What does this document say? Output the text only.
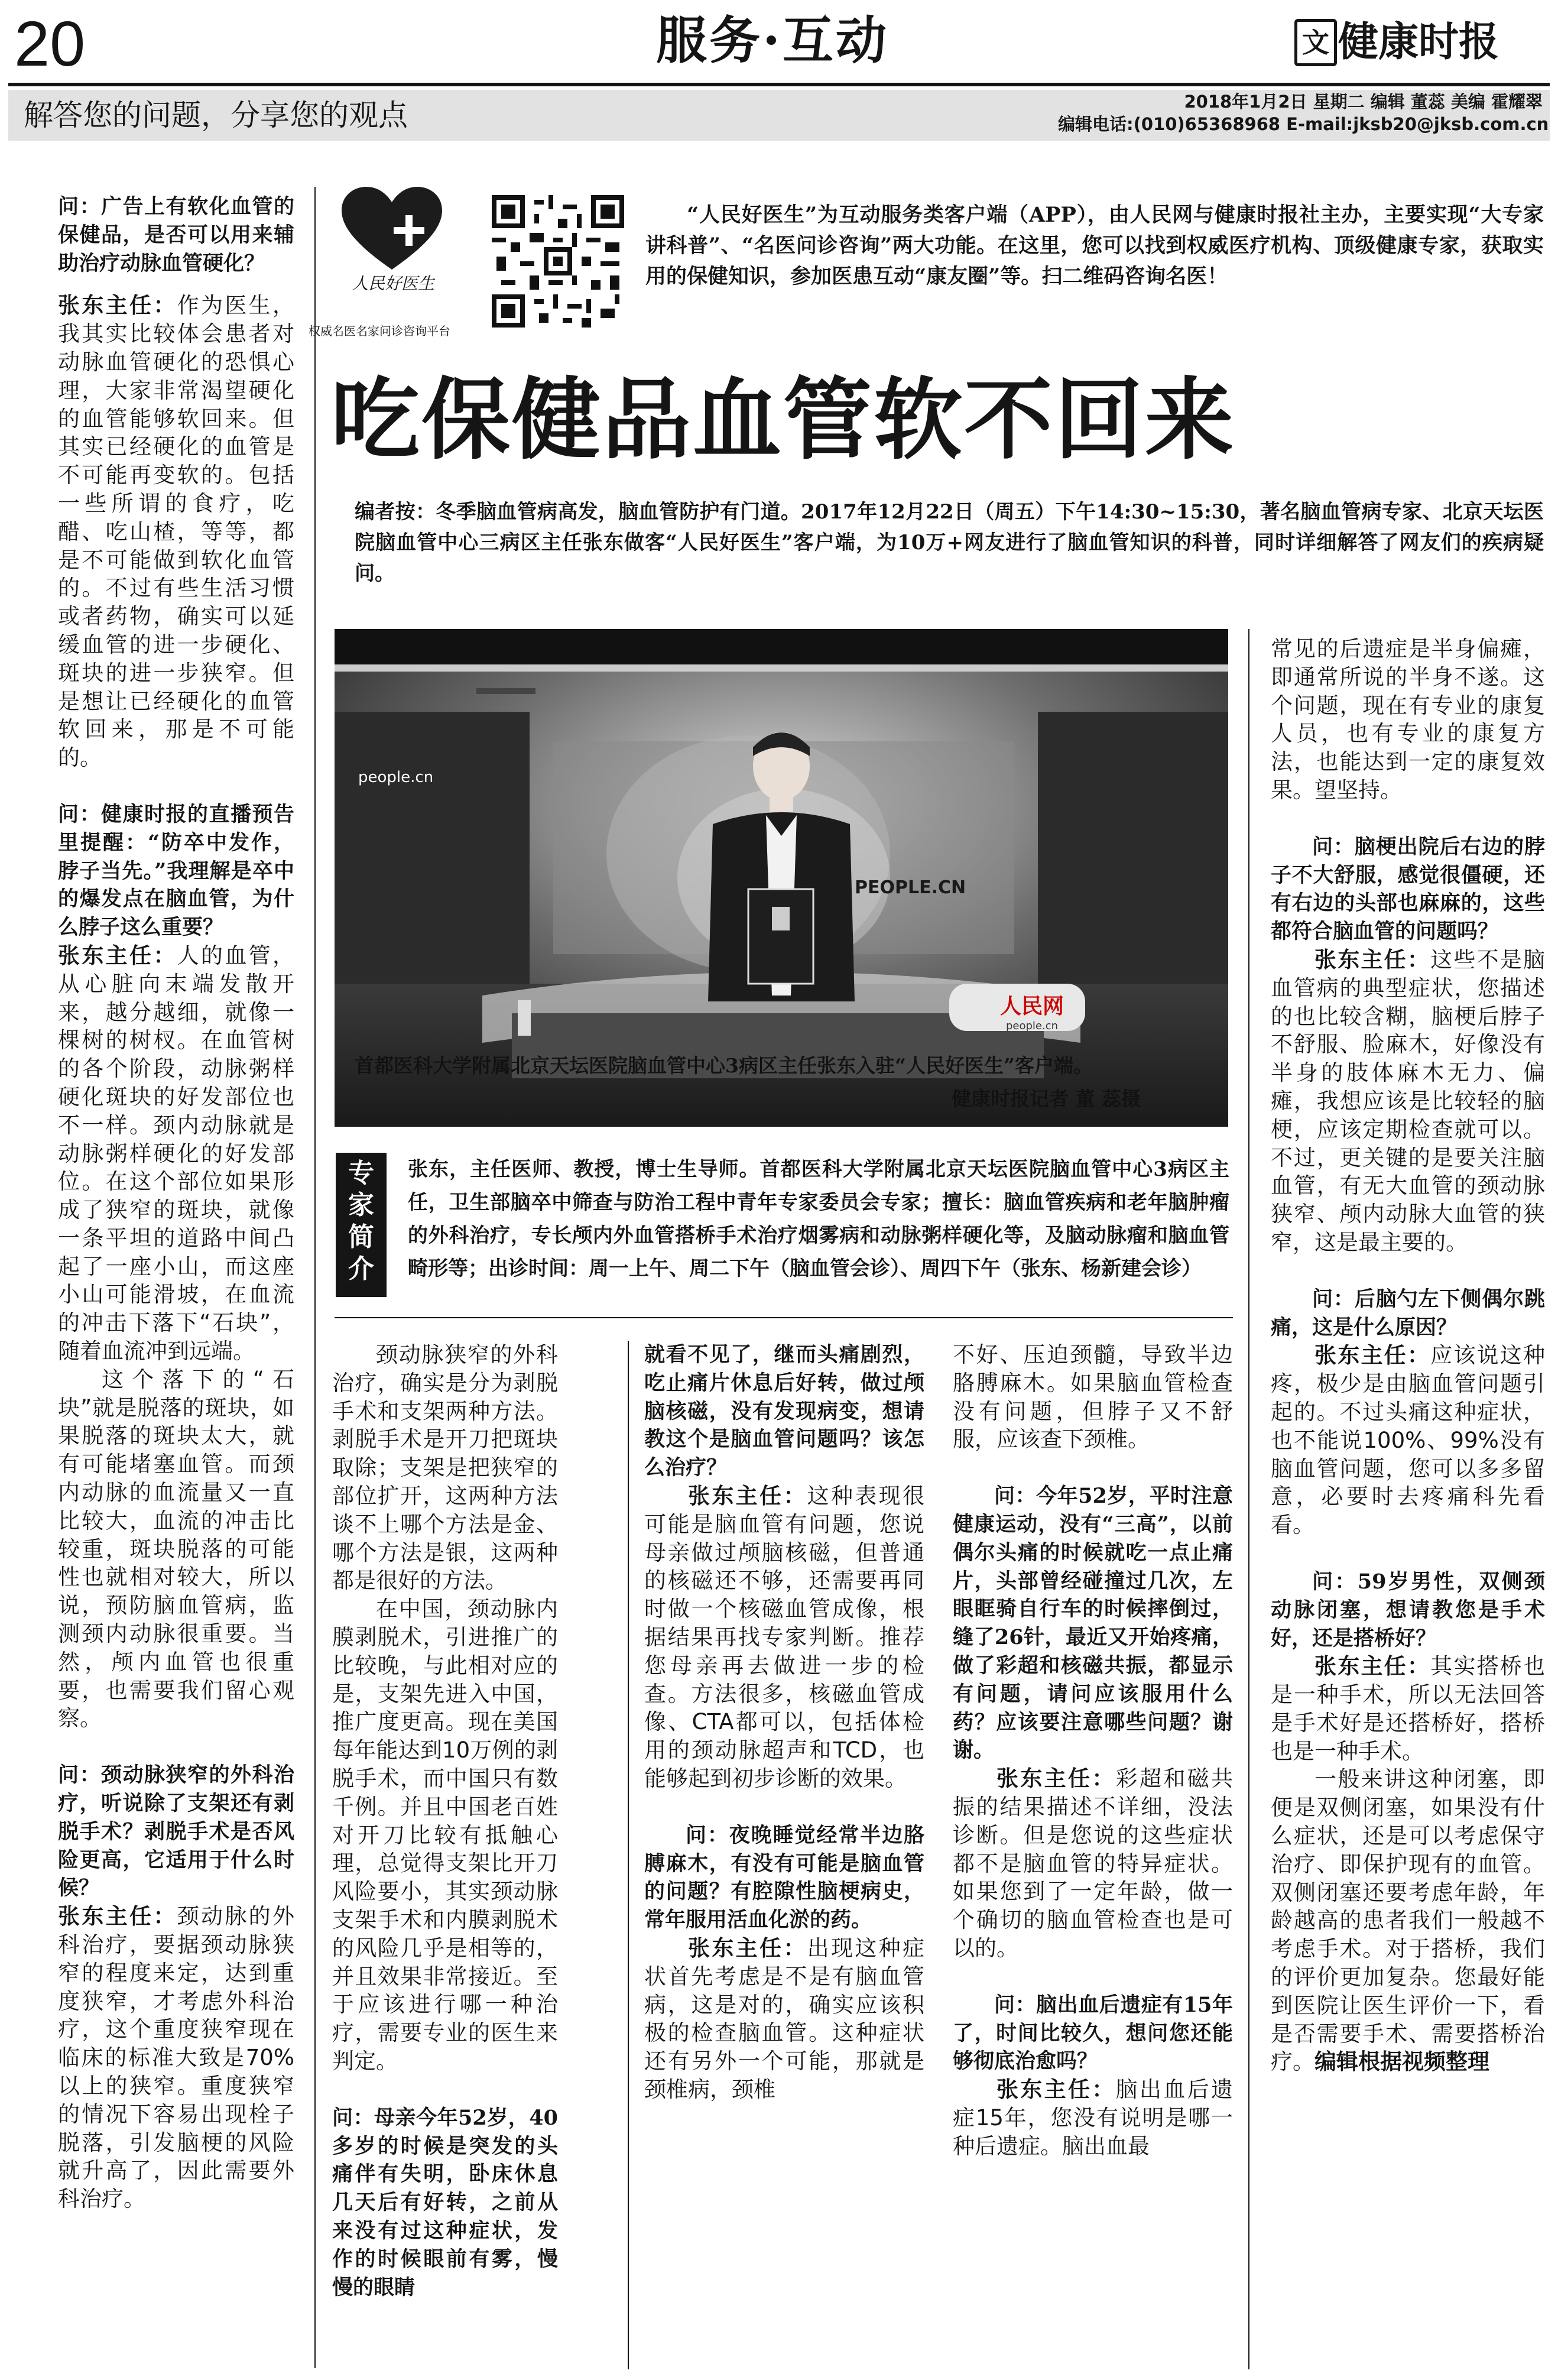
20	服务·互动	文 健康时报
解答您的问题，分享您的观点	2018年1月2日 星期二 编辑 董蕊 美编 霍耀翠
编辑电话:(010)65368968 E-mail:jksb20@jksb.com.cn

问：广告上有软化血管的保健品，是否可以用来辅助治疗动脉血管硬化？

张东主任：作为医生，我其实比较体会患者对动脉血管硬化的恐惧心理，大家非常渴望硬化的血管能够软回来。但其实已经硬化的血管是不可能再变软的。包括一些所谓的食疗，吃醋、吃山楂，等等，都是不可能做到软化血管的。不过有些生活习惯或者药物，确实可以延缓血管的进一步硬化、斑块的进一步狭窄。但是想让已经硬化的血管软回来，那是不可能的。

问：健康时报的直播预告里提醒：“防卒中发作，脖子当先。”我理解是卒中的爆发点在脑血管，为什么脖子这么重要？

张东主任：人的血管，从心脏向末端发散开来，越分越细，就像一棵树的树杈。在血管树的各个阶段，动脉粥样硬化斑块的好发部位也不一样。颈内动脉就是动脉粥样硬化的好发部位。在这个部位如果形成了狭窄的斑块，就像一条平坦的道路中间凸起了一座小山，而这座小山可能滑坡，在血流的冲击下落下“石块”，随着血流冲到远端。

这个落下的“石块”就是脱落的斑块，如果脱落的斑块太大，就有可能堵塞血管。而颈内动脉的血流量又一直比较大，血流的冲击比较重，斑块脱落的可能性也就相对较大，所以说，预防脑血管病，监测颈内动脉很重要。当然，颅内血管也很重要，也需要我们留心观察。

问：颈动脉狭窄的外科治疗，听说除了支架还有剥脱手术？剥脱手术是否风险更高，它适用于什么时候？

张东主任：颈动脉的外科治疗，要据颈动脉狭窄的程度来定，达到重度狭窄，才考虑外科治疗，这个重度狭窄现在临床的标准大致是70%以上的狭窄。重度狭窄的情况下容易出现栓子脱落，引发脑梗的风险就升高了，因此需要外科治疗。

人民好医生
权威名医名家问诊咨询平台
“人民好医生”为互动服务类客户端（APP），由人民网与健康时报社主办，主要实现“大专家讲科普”、“名医问诊咨询”两大功能。在这里，您可以找到权威医疗机构、顶级健康专家，获取实用的保健知识，参加医患互动“康友圈”等。扫二维码咨询名医！
吃保健品血管软不回来
编者按：冬季脑血管病高发，脑血管防护有门道。2017年12月22日（周五）下午14:30~15:30，著名脑血管病专家、北京天坛医院脑血管中心三病区主任张东做客“人民好医生”客户端，为10万+网友进行了脑血管知识的科普，同时详细解答了网友们的疾病疑问。
people.cn
PEOPLE.CN
人民网
people.cn
首都医科大学附属北京天坛医院脑血管中心3病区主任张东入驻“人民好医生”客户端。
健康时报记者 董 蕊摄
专家简介
张东，主任医师、教授，博士生导师。首都医科大学附属北京天坛医院脑血管中心3病区主任，卫生部脑卒中筛查与防治工程中青年专家委员会专家；擅长：脑血管疾病和老年脑肿瘤的外科治疗，专长颅内外血管搭桥手术治疗烟雾病和动脉粥样硬化等，及脑动脉瘤和脑血管畸形等；出诊时间：周一上午、周二下午（脑血管会诊）、周四下午（张东、杨新建会诊）

颈动脉狭窄的外科治疗，确实是分为剥脱手术和支架两种方法。剥脱手术是开刀把斑块取除；支架是把狭窄的部位扩开，这两种方法谈不上哪个方法是金、哪个方法是银，这两种都是很好的方法。

在中国，颈动脉内膜剥脱术，引进推广的比较晚，与此相对应的是，支架先进入中国，推广度更高。现在美国每年能达到10万例的剥脱手术，而中国只有数千例。并且中国老百姓对开刀比较有抵触心理，总觉得支架比开刀风险要小，其实颈动脉支架手术和内膜剥脱术的风险几乎是相等的，并且效果非常接近。至于应该进行哪一种治疗，需要专业的医生来判定。

问：母亲今年52岁，40多岁的时候是突发的头痛伴有失明，卧床休息几天后有好转，之前从来没有过这种症状，发作的时候眼前有雾，慢慢的眼睛

就看不见了，继而头痛剧烈，吃止痛片休息后好转，做过颅脑核磁，没有发现病变，想请教这个是脑血管问题吗？该怎么治疗？

张东主任：这种表现很可能是脑血管有问题，您说母亲做过颅脑核磁，但普通的核磁还不够，还需要再同时做一个核磁血管成像，根据结果再找专家判断。推荐您母亲再去做进一步的检查。方法很多，核磁血管成像、CTA都可以，包括体检用的颈动脉超声和TCD，也能够起到初步诊断的效果。

问：夜晚睡觉经常半边胳膊麻木，有没有可能是脑血管的问题？有腔隙性脑梗病史，常年服用活血化淤的药。

张东主任：出现这种症状首先考虑是不是有脑血管病，这是对的，确实应该积极的检查脑血管。这种症状还有另外一个可能，那就是颈椎病，颈椎

不好、压迫颈髓，导致半边胳膊麻木。如果脑血管检查没有问题，但脖子又不舒服，应该查下颈椎。

问：今年52岁，平时注意健康运动，没有“三高”，以前偶尔头痛的时候就吃一点止痛片，头部曾经碰撞过几次，左眼眶骑自行车的时候摔倒过，缝了26针，最近又开始疼痛，做了彩超和核磁共振，都显示有问题，请问应该服用什么药？应该要注意哪些问题？谢谢。

张东主任：彩超和磁共振的结果描述不详细，没法诊断。但是您说的这些症状都不是脑血管的特异症状。如果您到了一定年龄，做一个确切的脑血管检查也是可以的。

问：脑出血后遗症有15年了，时间比较久，想问您还能够彻底治愈吗？

张东主任：脑出血后遗症15年，您没有说明是哪一种后遗症。脑出血最

常见的后遗症是半身偏瘫，即通常所说的半身不遂。这个问题，现在有专业的康复人员，也有专业的康复方法，也能达到一定的康复效果。望坚持。

问：脑梗出院后右边的脖子不大舒服，感觉很僵硬，还有右边的头部也麻麻的，这些都符合脑血管的问题吗？

张东主任：这些不是脑血管病的典型症状，您描述的也比较含糊，脑梗后脖子不舒服、脸麻木，好像没有半身的肢体麻木无力、偏瘫，我想应该是比较轻的脑梗，应该定期检查就可以。不过，更关键的是要关注脑血管，有无大血管的颈动脉狭窄、颅内动脉大血管的狭窄，这是最主要的。

问：后脑勺左下侧偶尔跳痛，这是什么原因？

张东主任：应该说这种疼，极少是由脑血管问题引起的。不过头痛这种症状，也不能说100%、99%没有脑血管问题，您可以多多留意，必要时去疼痛科先看看。

问：59岁男性，双侧颈动脉闭塞，想请教您是手术好，还是搭桥好？

张东主任：其实搭桥也是一种手术，所以无法回答是手术好是还搭桥好，搭桥也是一种手术。

一般来讲这种闭塞，即便是双侧闭塞，如果没有什么症状，还是可以考虑保守治疗、即保护现有的血管。双侧闭塞还要考虑年龄，年龄越高的患者我们一般越不考虑手术。对于搭桥，我们的评价更加复杂。您最好能到医院让医生评价一下，看是否需要手术、需要搭桥治疗。编辑根据视频整理
